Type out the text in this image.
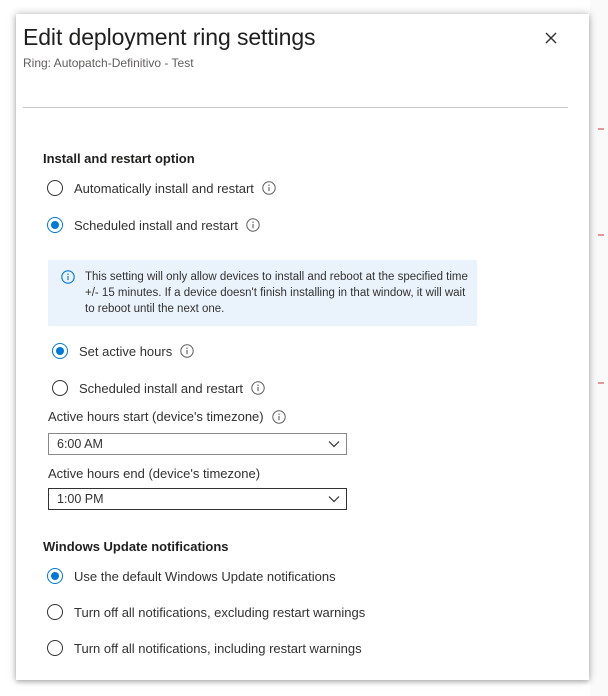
Edit deployment ring settings
Ring: Autopatch-Definitivo - Test
Install and restart option
Automatically install and restart
Scheduled install and restart
This setting will only allow devices to install and reboot at the specified time +/- 15 minutes. If a device doesn't finish installing in that window, it will wait to reboot until the next one.
Set active hours
Scheduled install and restart
Active hours start (device's timezone)
6:00 AM
Active hours end (device's timezone)
1:00 PM
Windows Update notifications
Use the default Windows Update notifications
Turn off all notifications, excluding restart warnings
Turn off all notifications, including restart warnings
